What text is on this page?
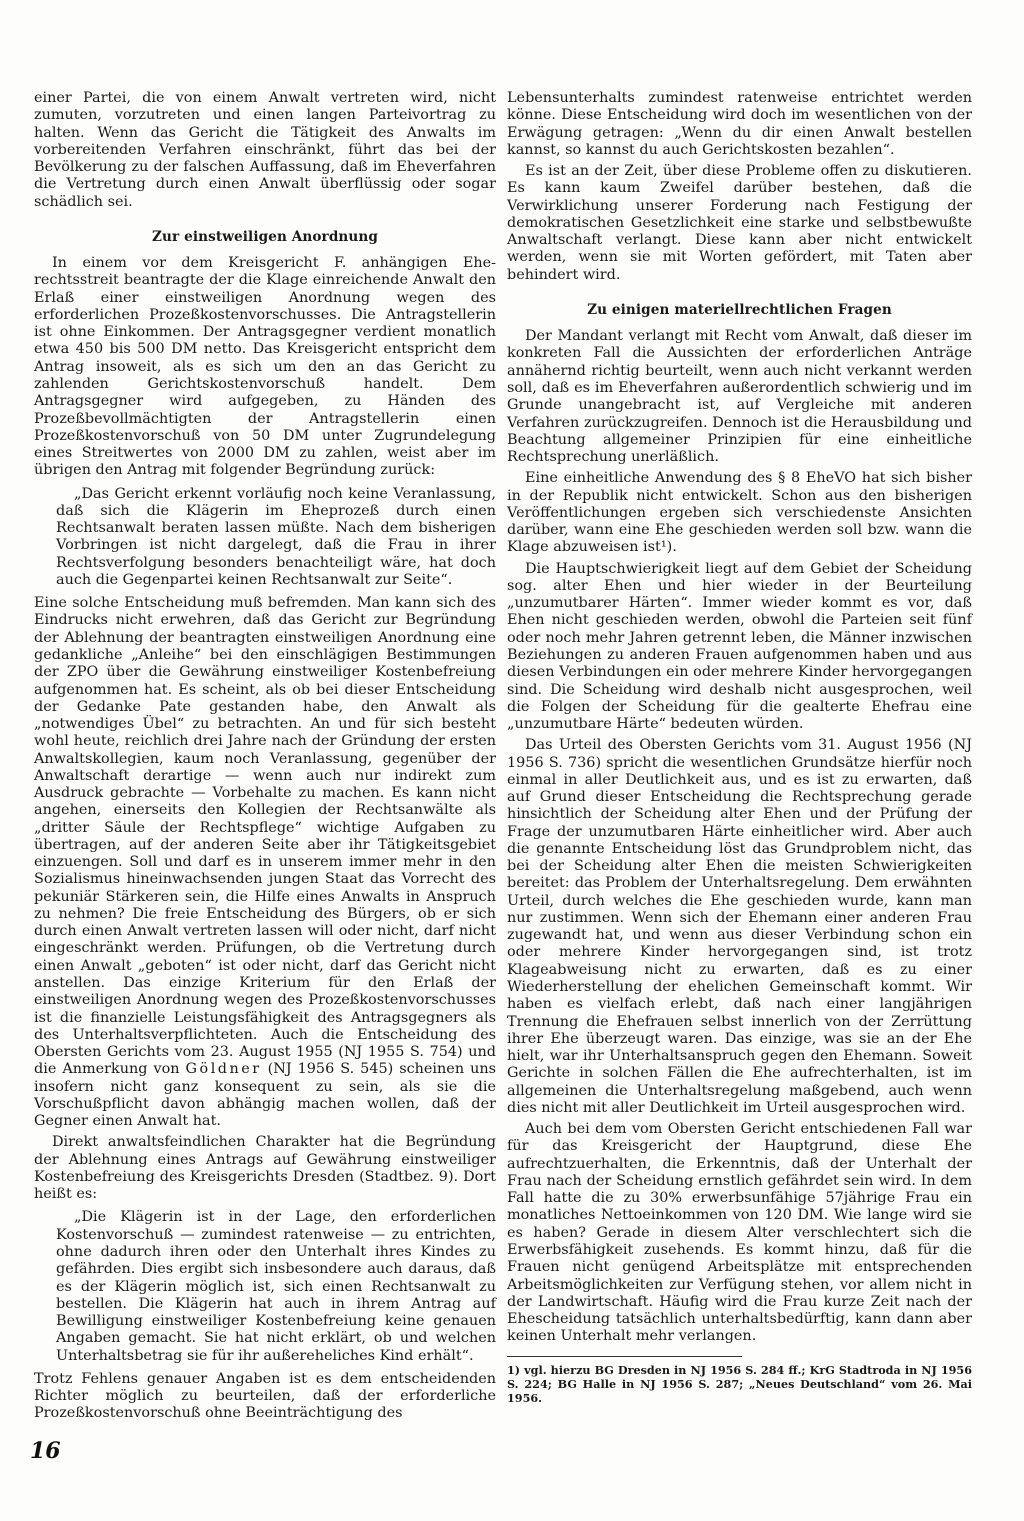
einer Partei, die von einem Anwalt vertreten wird, nicht zumuten, vorzutreten und einen langen Parteivortrag zu halten. Wenn das Gericht die Tätigkeit des Anwalts im vorbereitenden Verfahren einschränkt, führt das bei der Bevölkerung zu der falschen Auffassung, daß im Eheverfahren die Vertretung durch einen Anwalt überflüssig oder sogar schädlich sei.

Zur einstweiligen Anordnung

In einem vor dem Kreisgericht F. anhängigen Eherechtsstreit beantragte der die Klage einreichende Anwalt den Erlaß einer einstweiligen Anordnung wegen des erforderlichen Prozeßkostenvorschusses. Die Antragstellerin ist ohne Einkommen. Der Antragsgegner verdient monatlich etwa 450 bis 500 DM netto. Das Kreisgericht entspricht dem Antrag insoweit, als es sich um den an das Gericht zu zahlenden Gerichtskostenvorschuß handelt. Dem Antragsgegner wird aufgegeben, zu Händen des Prozeßbevollmächtigten der Antragstellerin einen Prozeßkostenvorschuß von 50 DM unter Zugrundelegung eines Streitwertes von 2000 DM zu zahlen, weist aber im übrigen den Antrag mit folgender Begründung zurück:

„Das Gericht erkennt vorläufig noch keine Veranlassung, daß sich die Klägerin im Eheprozeß durch einen Rechtsanwalt beraten lassen müßte. Nach dem bisherigen Vorbringen ist nicht dargelegt, daß die Frau in ihrer Rechtsverfolgung besonders benachteiligt wäre, hat doch auch die Gegenpartei keinen Rechtsanwalt zur Seite“.

Eine solche Entscheidung muß befremden. Man kann sich des Eindrucks nicht erwehren, daß das Gericht zur Begründung der Ablehnung der beantragten einstweiligen Anordnung eine gedankliche „Anleihe“ bei den einschlägigen Bestimmungen der ZPO über die Gewährung einstweiliger Kostenbefreiung aufgenommen hat. Es scheint, als ob bei dieser Entscheidung der Gedanke Pate gestanden habe, den Anwalt als „notwendiges Übel“ zu betrachten. An und für sich besteht wohl heute, reichlich drei Jahre nach der Gründung der ersten Anwaltskollegien, kaum noch Veranlassung, gegenüber der Anwaltschaft derartige — wenn auch nur indirekt zum Ausdruck gebrachte — Vorbehalte zu machen. Es kann nicht angehen, einerseits den Kollegien der Rechtsanwälte als „dritter Säule der Rechtspflege“ wichtige Aufgaben zu übertragen, auf der anderen Seite aber ihr Tätigkeitsgebiet einzuengen. Soll und darf es in unserem immer mehr in den Sozialismus hineinwachsenden jungen Staat das Vorrecht des pekuniär Stärkeren sein, die Hilfe eines Anwalts in Anspruch zu nehmen? Die freie Entscheidung des Bürgers, ob er sich durch einen Anwalt vertreten lassen will oder nicht, darf nicht eingeschränkt werden. Prüfungen, ob die Vertretung durch einen Anwalt „geboten“ ist oder nicht, darf das Gericht nicht anstellen. Das einzige Kriterium für den Erlaß der einstweiligen Anordnung wegen des Prozeßkostenvorschusses ist die finanzielle Leistungsfähigkeit des Antragsgegners als des Unterhaltsverpflichteten. Auch die Entscheidung des Obersten Gerichts vom 23. August 1955 (NJ 1955 S. 754) und die Anmerkung von Göldner (NJ 1956 S. 545) scheinen uns insofern nicht ganz konsequent zu sein, als sie die Vorschußpflicht davon abhängig machen wollen, daß der Gegner einen Anwalt hat.

Direkt anwaltsfeindlichen Charakter hat die Begründung der Ablehnung eines Antrags auf Gewährung einstweiliger Kostenbefreiung des Kreisgerichts Dresden (Stadtbez. 9). Dort heißt es:

„Die Klägerin ist in der Lage, den erforderlichen Kostenvorschuß — zumindest ratenweise — zu entrichten, ohne dadurch ihren oder den Unterhalt ihres Kindes zu gefährden. Dies ergibt sich insbesondere auch daraus, daß es der Klägerin möglich ist, sich einen Rechtsanwalt zu bestellen. Die Klägerin hat auch in ihrem Antrag auf Bewilligung einstweiliger Kostenbefreiung keine genauen Angaben gemacht. Sie hat nicht erklärt, ob und welchen Unterhaltsbetrag sie für ihr außereheliches Kind erhält“.

Trotz Fehlens genauer Angaben ist es dem entscheidenden Richter möglich zu beurteilen, daß der erforderliche Prozeßkostenvorschuß ohne Beeinträchtigung des

Lebensunterhalts zumindest ratenweise entrichtet werden könne. Diese Entscheidung wird doch im wesentlichen von der Erwägung getragen: „Wenn du dir einen Anwalt bestellen kannst, so kannst du auch Gerichtskosten bezahlen“.

Es ist an der Zeit, über diese Probleme offen zu diskutieren. Es kann kaum Zweifel darüber bestehen, daß die Verwirklichung unserer Forderung nach Festigung der demokratischen Gesetzlichkeit eine starke und selbstbewußte Anwaltschaft verlangt. Diese kann aber nicht entwickelt werden, wenn sie mit Worten gefördert, mit Taten aber behindert wird.

Zu einigen materiellrechtlichen Fragen

Der Mandant verlangt mit Recht vom Anwalt, daß dieser im konkreten Fall die Aussichten der erforderlichen Anträge annähernd richtig beurteilt, wenn auch nicht verkannt werden soll, daß es im Eheverfahren außerordentlich schwierig und im Grunde unangebracht ist, auf Vergleiche mit anderen Verfahren zurückzugreifen. Dennoch ist die Herausbildung und Beachtung allgemeiner Prinzipien für eine einheitliche Rechtsprechung unerläßlich.

Eine einheitliche Anwendung des § 8 EheVO hat sich bisher in der Republik nicht entwickelt. Schon aus den bisherigen Veröffentlichungen ergeben sich verschiedenste Ansichten darüber, wann eine Ehe geschieden werden soll bzw. wann die Klage abzuweisen ist¹).

Die Hauptschwierigkeit liegt auf dem Gebiet der Scheidung sog. alter Ehen und hier wieder in der Beurteilung „unzumutbarer Härten“. Immer wieder kommt es vor, daß Ehen nicht geschieden werden, obwohl die Parteien seit fünf oder noch mehr Jahren getrennt leben, die Männer inzwischen Beziehungen zu anderen Frauen aufgenommen haben und aus diesen Verbindungen ein oder mehrere Kinder hervorgegangen sind. Die Scheidung wird deshalb nicht ausgesprochen, weil die Folgen der Scheidung für die gealterte Ehefrau eine „unzumutbare Härte“ bedeuten würden.

Das Urteil des Obersten Gerichts vom 31. August 1956 (NJ 1956 S. 736) spricht die wesentlichen Grundsätze hierfür noch einmal in aller Deutlichkeit aus, und es ist zu erwarten, daß auf Grund dieser Entscheidung die Rechtsprechung gerade hinsichtlich der Scheidung alter Ehen und der Prüfung der Frage der unzumutbaren Härte einheitlicher wird. Aber auch die genannte Entscheidung löst das Grundproblem nicht, das bei der Scheidung alter Ehen die meisten Schwierigkeiten bereitet: das Problem der Unterhaltsregelung. Dem erwähnten Urteil, durch welches die Ehe geschieden wurde, kann man nur zustimmen. Wenn sich der Ehemann einer anderen Frau zugewandt hat, und wenn aus dieser Verbindung schon ein oder mehrere Kinder hervorgegangen sind, ist trotz Klageabweisung nicht zu erwarten, daß es zu einer Wiederherstellung der ehelichen Gemeinschaft kommt. Wir haben es vielfach erlebt, daß nach einer langjährigen Trennung die Ehefrauen selbst innerlich von der Zerrüttung ihrer Ehe überzeugt waren. Das einzige, was sie an der Ehe hielt, war ihr Unterhaltsanspruch gegen den Ehemann. Soweit Gerichte in solchen Fällen die Ehe aufrechterhalten, ist im allgemeinen die Unterhaltsregelung maßgebend, auch wenn dies nicht mit aller Deutlichkeit im Urteil ausgesprochen wird.

Auch bei dem vom Obersten Gericht entschiedenen Fall war für das Kreisgericht der Hauptgrund, diese Ehe aufrechtzuerhalten, die Erkenntnis, daß der Unterhalt der Frau nach der Scheidung ernstlich gefährdet sein wird. In dem Fall hatte die zu 30% erwerbsunfähige 57jährige Frau ein monatliches Nettoeinkommen von 120 DM. Wie lange wird sie es haben? Gerade in diesem Alter verschlechtert sich die Erwerbsfähigkeit zusehends. Es kommt hinzu, daß für die Frauen nicht genügend Arbeitsplätze mit entsprechenden Arbeitsmöglichkeiten zur Verfügung stehen, vor allem nicht in der Landwirtschaft. Häufig wird die Frau kurze Zeit nach der Ehescheidung tatsächlich unterhaltsbedürftig, kann dann aber keinen Unterhalt mehr verlangen.

1) vgl. hierzu BG Dresden in NJ 1956 S. 284 ff.; KrG Stadtroda in NJ 1956 S. 224; BG Halle in NJ 1956 S. 287; „Neues Deutschland“ vom 26. Mai 1956.

16
